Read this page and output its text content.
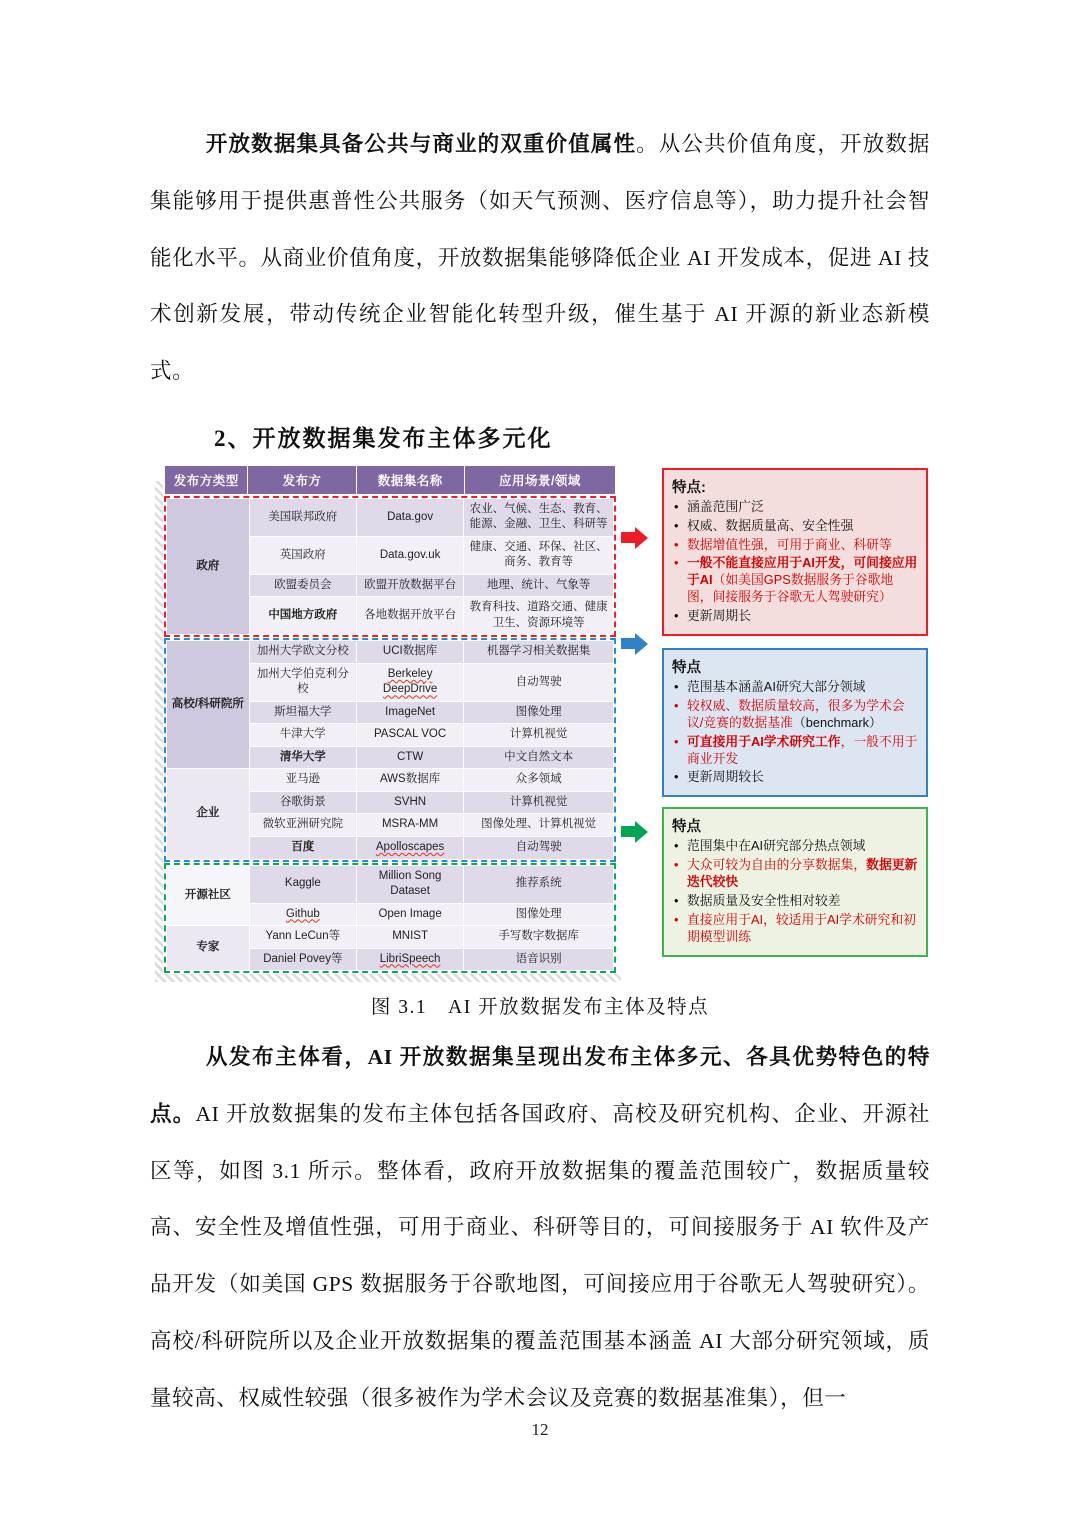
开放数据集具备公共与商业的双重价值属性。从公共价值角度，开放数据集能够用于提供惠普性公共服务（如天气预测、医疗信息等），助力提升社会智能化水平。从商业价值角度，开放数据集能够降低企业 AI 开发成本，促进 AI 技术创新发展，带动传统企业智能化转型升级，催生基于 AI 开源的新业态新模式。

2、开放数据集发布主体多元化
发布方类型	发布方	数据集名称	应用场景/领域
政府	美国联邦政府	Data.gov	农业、气候、生态、教育、能源、金融、卫生、科研等
	英国政府	Data.gov.uk	健康、交通、环保、社区、商务、教育等
	欧盟委员会	欧盟开放数据平台	地理、统计、气象等
	中国地方政府	各地数据开放平台	教育科技、道路交通、健康卫生、资源环境等
高校/科研院所	加州大学欧文分校	UCI数据库	机器学习相关数据集
	加州大学伯克利分校	Berkeley DeepDrive	自动驾驶
	斯坦福大学	ImageNet	图像处理
	牛津大学	PASCAL VOC	计算机视觉
	清华大学	CTW	中文自然文本
企业	亚马逊	AWS数据库	众多领域
	谷歌街景	SVHN	计算机视觉
	微软亚洲研究院	MSRA-MM	图像处理、计算机视觉
	百度	Apolloscapes	自动驾驶
开源社区	Kaggle	Million Song Dataset	推荐系统
	Github	Open Image	图像处理
专家	Yann LeCun等	MNIST	手写数字数据库
	Daniel Povey等	LibriSpeech	语音识别
特点:
• 涵盖范围广泛
• 权威、数据质量高、安全性强
• 数据增值性强，可用于商业、科研等
• 一般不能直接应用于AI开发，可间接应用于AI（如美国GPS数据服务于谷歌地图，间接服务于谷歌无人驾驶研究）
• 更新周期长
特点
• 范围基本涵盖AI研究大部分领域
• 较权威、数据质量较高，很多为学术会议/竞赛的数据基准（benchmark）
• 可直接用于AI学术研究工作，一般不用于商业开发
• 更新周期较长
特点
• 范围集中在AI研究部分热点领域
• 大众可较为自由的分享数据集，数据更新迭代较快
• 数据质量及安全性相对较差
• 直接应用于AI，较适用于AI学术研究和初期模型训练
图 3.1　AI 开放数据发布主体及特点

从发布主体看，AI 开放数据集呈现出发布主体多元、各具优势特色的特点。AI 开放数据集的发布主体包括各国政府、高校及研究机构、企业、开源社区等，如图 3.1 所示。整体看，政府开放数据集的覆盖范围较广，数据质量较高、安全性及增值性强，可用于商业、科研等目的，可间接服务于 AI 软件及产品开发（如美国 GPS 数据服务于谷歌地图，可间接应用于谷歌无人驾驶研究）。高校/科研院所以及企业开放数据集的覆盖范围基本涵盖 AI 大部分研究领域，质量较高、权威性较强（很多被作为学术会议及竞赛的数据基准集），但一

12
